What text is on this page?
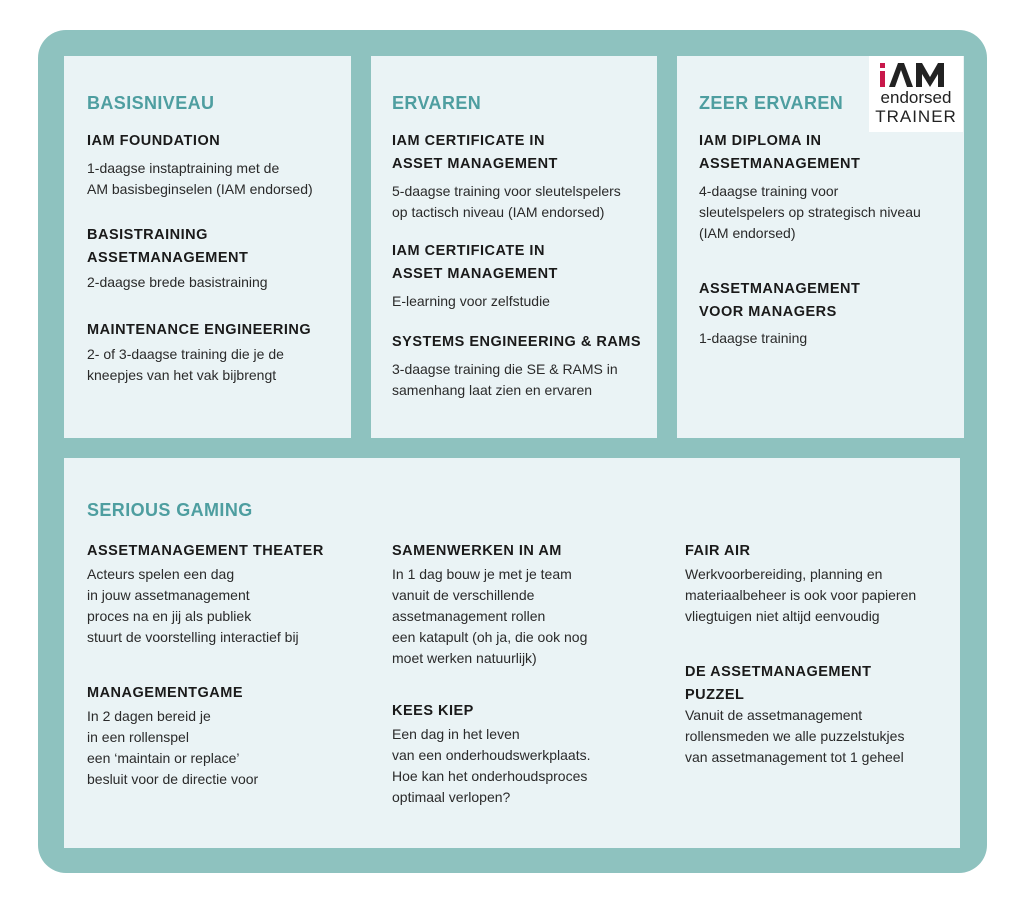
endorsed
TRAINER
BASISNIVEAU
IAM FOUNDATION
1-daagse instaptraining met de
AM basisbeginselen (IAM endorsed)
BASISTRAINING
ASSETMANAGEMENT
2-daagse brede basistraining
MAINTENANCE ENGINEERING
2- of 3-daagse training die je de
kneepjes van het vak bijbrengt
ERVAREN
IAM CERTIFICATE IN
ASSET MANAGEMENT
5-daagse training voor sleutelspelers
op tactisch niveau (IAM endorsed)
IAM CERTIFICATE IN
ASSET MANAGEMENT
E-learning voor zelfstudie
SYSTEMS ENGINEERING & RAMS
3-daagse training die SE & RAMS in
samenhang laat zien en ervaren
ZEER ERVAREN
IAM DIPLOMA IN
ASSETMANAGEMENT
4-daagse training voor
sleutelspelers op strategisch niveau
(IAM endorsed)
ASSETMANAGEMENT
VOOR MANAGERS
1-daagse training
SERIOUS GAMING
ASSETMANAGEMENT THEATER
Acteurs spelen een dag
in jouw assetmanagement
proces na en jij als publiek
stuurt de voorstelling interactief bij
MANAGEMENTGAME
In 2 dagen bereid je
in een rollenspel
een ‘maintain or replace’
besluit voor de directie voor
SAMENWERKEN IN AM
In 1 dag bouw je met je team
vanuit de verschillende
assetmanagement rollen
een katapult (oh ja, die ook nog
moet werken natuurlijk)
KEES KIEP
Een dag in het leven
van een onderhoudswerkplaats.
Hoe kan het onderhoudsproces
optimaal verlopen?
FAIR AIR
Werkvoorbereiding, planning en
materiaalbeheer is ook voor papieren
vliegtuigen niet altijd eenvoudig
DE ASSETMANAGEMENT
PUZZEL
Vanuit de assetmanagement
rollensmeden we alle puzzelstukjes
van assetmanagement tot 1 geheel
